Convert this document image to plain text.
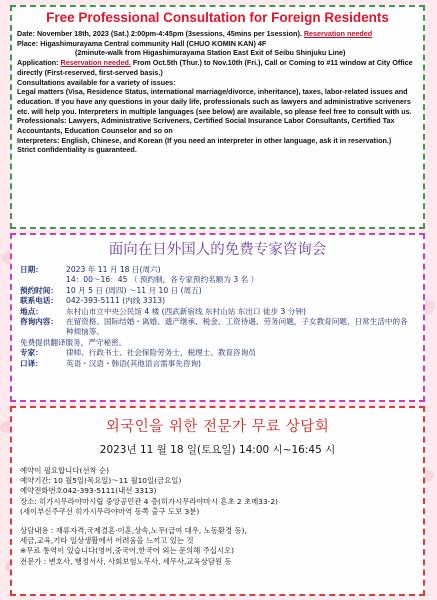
Free Professional Consultation for Foreign Residents
Date: November 18th, 2023 (Sat.) 2:00pm-4:45pm (3sessions, 45mins per 1session). Reservation needed
Place: Higashimurayama Central community Hall (CHUO KOMIN KAN) 4F
(2minute-walk from Higashimurayama Station East Exit of Seibu Shinjuku Line)
Application: Reservation needed. From Oct.5th (Thur.) to Nov.10th (Fri.), Call or Coming to #11 window at City Office directly (First-reserved, first-served basis.)
Consultations available for a variety of issues:
Legal matters (Visa, Residence Status, international marriage/divorce, inheritance), taxes, labor-related issues and education. If you have any questions in your daily life, professionals such as lawyers and administrative scriveners etc. will help you. Interpreters in multiple languages (see below) are available, so please feel free to consult with us.
Professionals: Lawyers, Administrative Scriveners, Certified Social Insurance Labor Consultants, Certified Tax Accountants, Education Counselor and so on
Interpreters: English, Chinese, and Korean (If you need an interpreter in other language, ask it in reservation.)
Strict confidentiality is guaranteed.
面向在日外国人的免费专家咨询会
日期：	2023 年 11 月 18 日(周六)
14：00～16：45 （ 预约制，各专家预约名额为 3 名 ）
预约时间：	10 月 5 日 (周四) ～11 月 10 日 (周五)
联系电话：	042-393-5111 (内线 3313)
地点：	东村山市立中央公民馆 4 楼 (西武新宿线 东村山站 东出口 徒步 3 分钟)
咨询内容：	在留资格、国际结婚・离婚、遗产继承、税金、工资待遇、劳务问题，子女教育问题，日常生活中的各种烦恼等。
免费提供翻译服务，严守秘密。
专家：	律师、行政书士、社会保险劳务士，税理士、教育咨询员
口译：	英语・汉语・韩语(其他语言需事先咨询)
외국인을 위한 전문가 무료 상담회
2023년 11 월 18 일(토요일) 14:00 시~16:45 시
예약이 필요합니다(선착 순)
예약기간: 10 월5일(목요일)～11 월10일(금요일)
예약전화번호042-393-5111(내선 3313)
장소: 히가시무라야마시립 중앙공민관 4 층(히가시무라야마시 혼초 2 초메33-2)
(세이부신주쿠선 히가시무라야마역 동쪽 출구 도보 3분)
상담내용 : 재류자격,국제결혼·이혼,상속,노무(급여 대우, 노동환경 등),
세금,교육,기타 일상생활에서 어려움을 느끼고 있는 것
※무료 통역이 있습니다(영어,중국어,한국어 외는 문의해 주십시오)
전문가 : 변호사, 행정서사, 사회보험노무사, 세무사,교육상담원 등
